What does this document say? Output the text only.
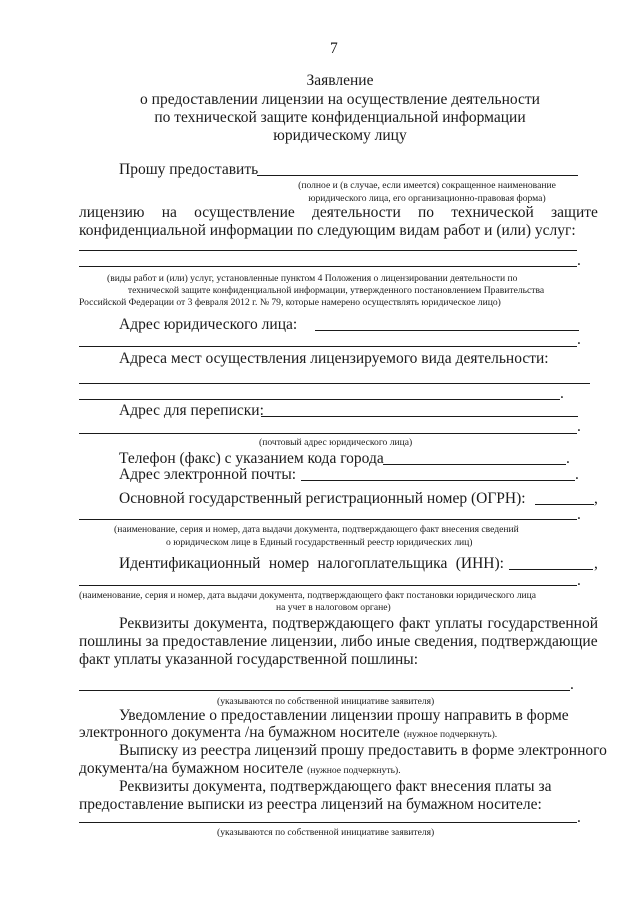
7
Заявление
о предоставлении лицензии на осуществление деятельности
по технической защите конфиденциальной информации
юридическому лицу
Прошу предоставить
(полное и (в случае, если имеется) сокращенное наименование
юридического лица, его организационно-правовая форма)
лицензию на осуществление деятельности по технической защите
конфиденциальной информации по следующим видам работ и (или) услуг:
.
(виды работ и (или) услуг, установленные пунктом 4 Положения о лицензировании деятельности по
технической защите конфиденциальной информации, утвержденного постановлением Правительства
Российской Федерации от 3 февраля 2012 г. № 79, которые намерено осуществлять юридическое лицо)
Адрес юридического лица:
.
Адреса мест осуществления лицензируемого вида деятельности:
.
Адрес для переписки:
.
(почтовый адрес юридического лица)
Телефон (факс) с указанием кода города	.
Адрес электронной почты:	.
Основной государственный регистрационный номер (ОГРН):	,
.
(наименование, серия и номер, дата выдачи документа, подтверждающего факт внесения сведений
о юридическом лице в Единый государственный реестр юридических лиц)
Идентификационный номер налогоплательщика (ИНН):	,
.
(наименование, серия и номер, дата выдачи документа, подтверждающего факт постановки юридического лица
на учет в налоговом органе)
Реквизиты документа, подтверждающего факт уплаты государственной
пошлины за предоставление лицензии, либо иные сведения, подтверждающие
факт уплаты указанной государственной пошлины:
.
(указываются по собственной инициативе заявителя)
Уведомление о предоставлении лицензии прошу направить в форме
электронного документа /на бумажном носителе (нужное подчеркнуть).
Выписку из реестра лицензий прошу предоставить в форме электронного
документа/на бумажном носителе (нужное подчеркнуть).
Реквизиты документа, подтверждающего факт внесения платы за
предоставление выписки из реестра лицензий на бумажном носителе:
.
(указываются по собственной инициативе заявителя)
